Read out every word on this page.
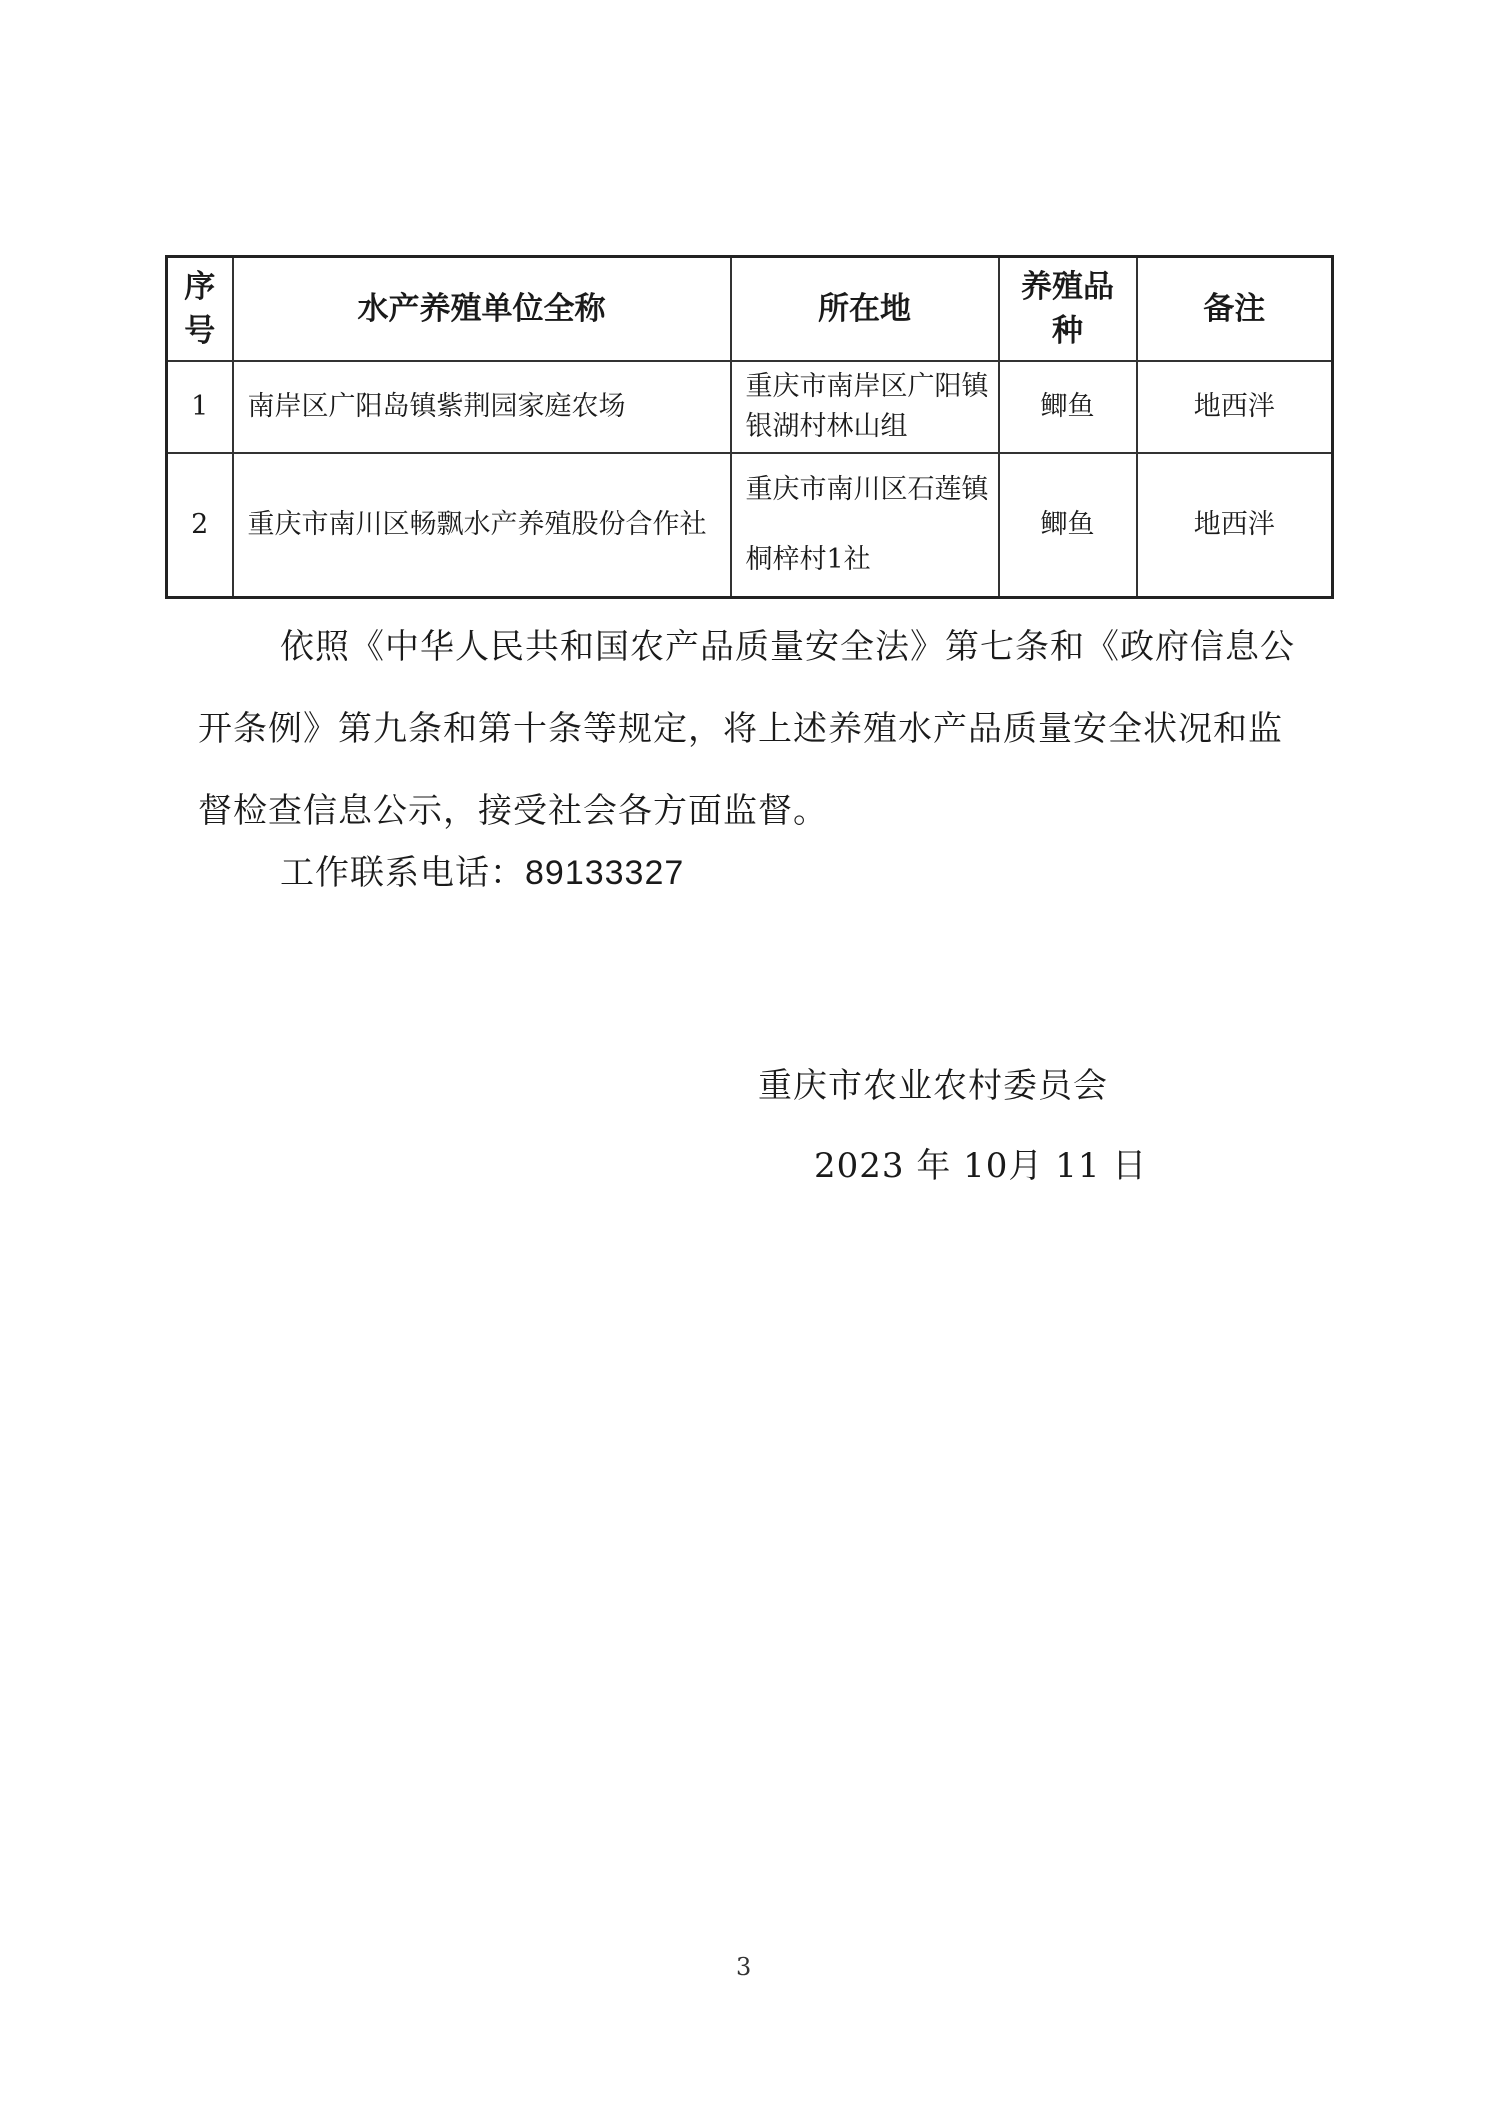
序号	水产养殖单位全称	所在地	养殖品种	备注
1	南岸区广阳岛镇紫荆园家庭农场	重庆市南岸区广阳镇银湖村林山组	鲫鱼	地西泮
2	重庆市南川区畅飘水产养殖股份合作社	重庆市南川区石莲镇桐梓村1社	鲫鱼	地西泮
依照《中华人民共和国农产品质量安全法》第七条和《政府信息公开条例》第九条和第十条等规定，将上述养殖水产品质量安全状况和监督检查信息公示，接受社会各方面监督。
工作联系电话：89133327
重庆市农业农村委员会
2023 年 10月 11 日
3
